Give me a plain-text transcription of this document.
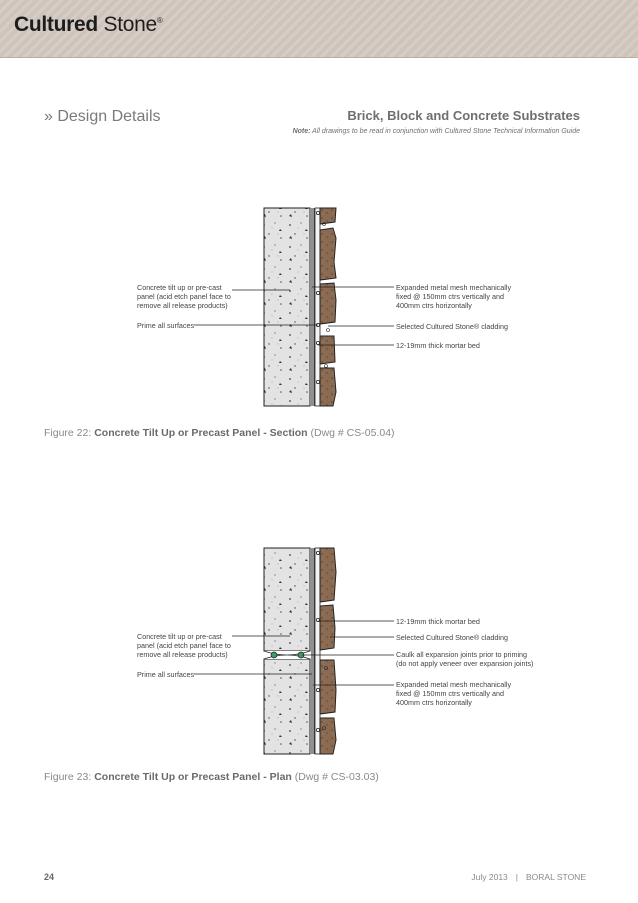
Cultured Stone®
» Design Details	Brick, Block and Concrete Substrates
Note: All drawings to be read in conjunction with Cultured Stone Technical Information Guide
Concrete tilt up or pre-cast
panel (acid etch panel face to
remove all release products)
Prime all surfaces
Expanded metal mesh mechanically
fixed @ 150mm ctrs vertically and
400mm ctrs horizontally
Selected Cultured Stone® cladding
12-19mm thick mortar bed
Figure 22: Concrete Tilt Up or Precast Panel - Section (Dwg # CS-05.04)
Concrete tilt up or pre-cast
panel (acid etch panel face to
remove all release products)
Prime all surfaces
12-19mm thick mortar bed
Selected Cultured Stone® cladding
Caulk all expansion joints prior to priming
(do not apply veneer over expansion joints)
Expanded metal mesh mechanically
fixed @ 150mm ctrs vertically and
400mm ctrs horizontally
Figure 23: Concrete Tilt Up or Precast Panel - Plan (Dwg # CS-03.03)
24	July 2013 | BORAL STONE
